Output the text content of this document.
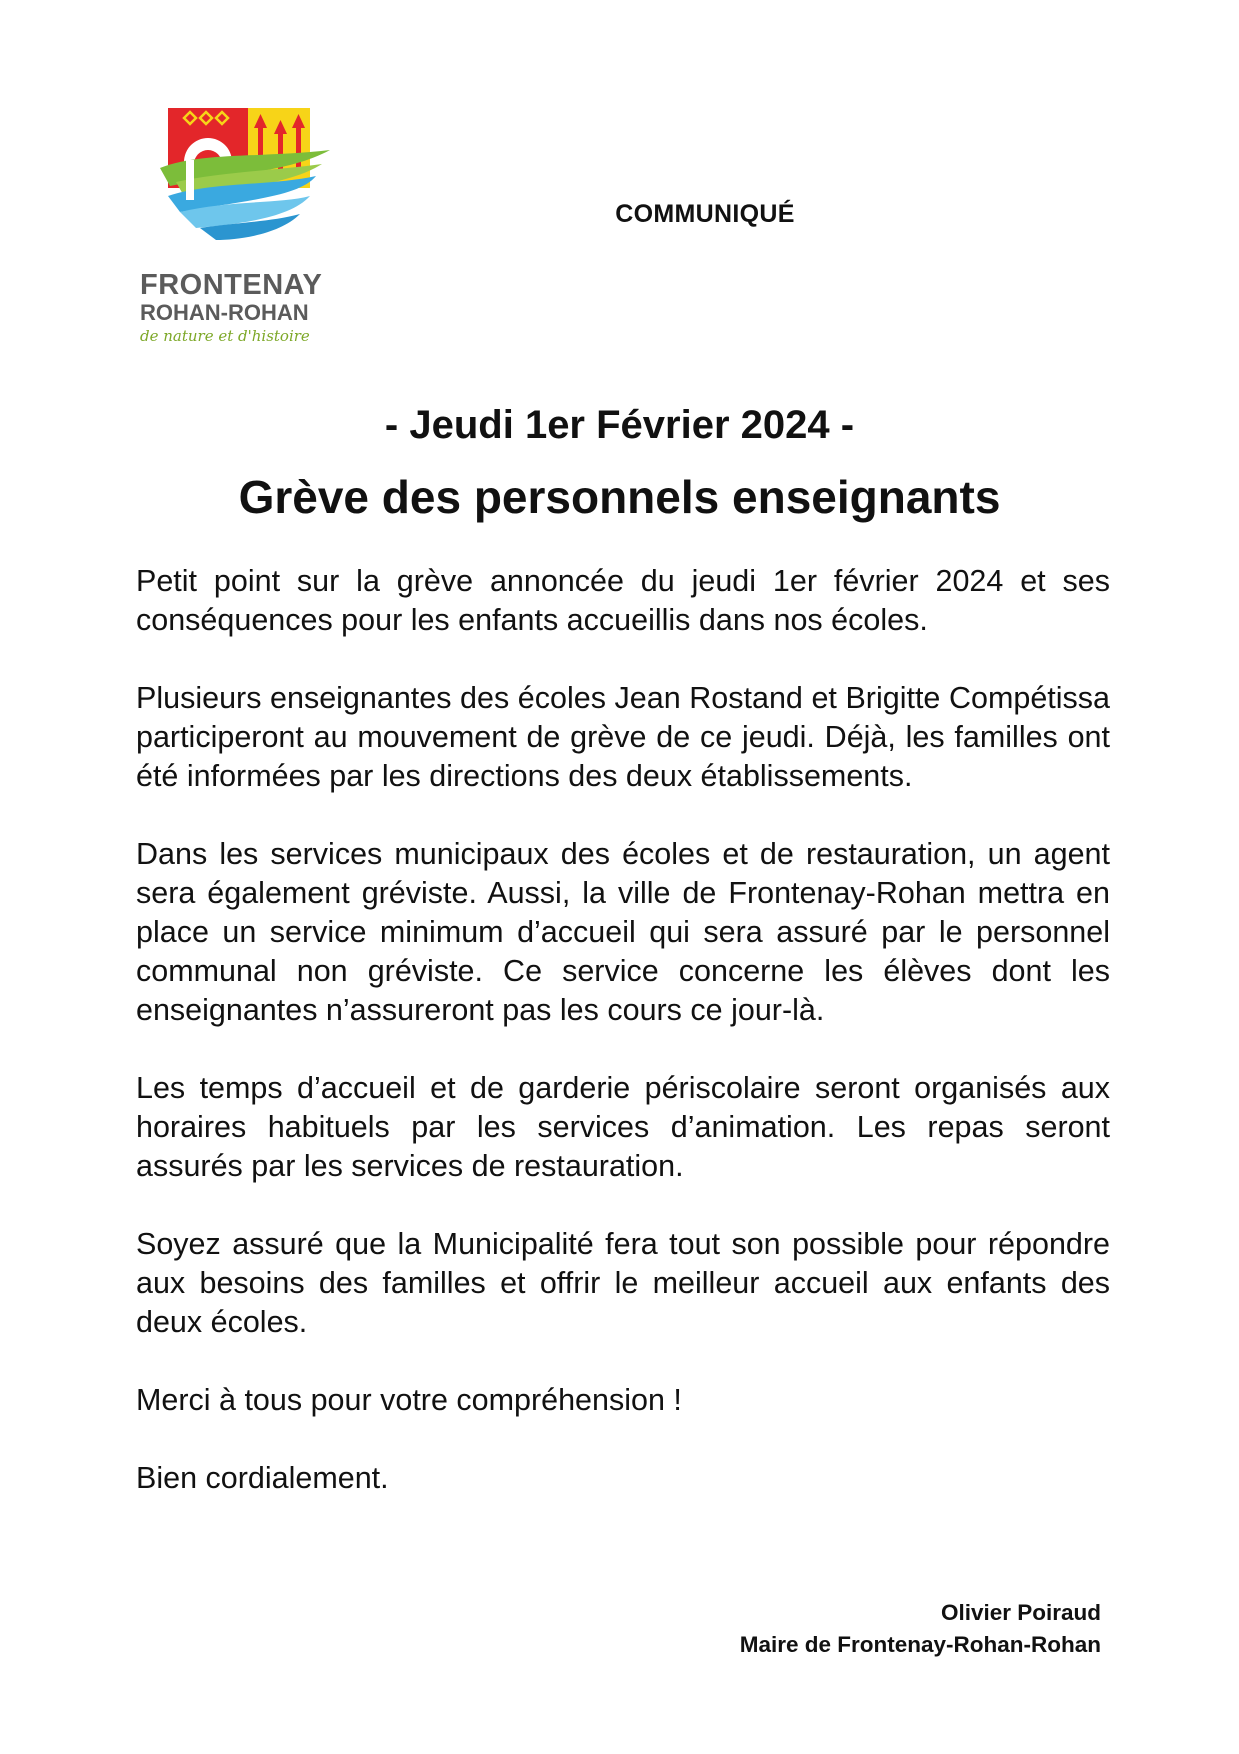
FRONTENAY
ROHAN-ROHAN
de nature et d'histoire
COMMUNIQUÉ
- Jeudi 1er Février 2024 -
Grève des personnels enseignants

Petit point sur la grève annoncée du jeudi 1er février 2024 et ses conséquences pour les enfants accueillis dans nos écoles.

Plusieurs enseignantes des écoles Jean Rostand et Brigitte Compétissa participeront au mouvement de grève de ce jeudi. Déjà, les familles ont été informées par les directions des deux établissements.

Dans les services municipaux des écoles et de restauration, un agent sera également gréviste. Aussi, la ville de Frontenay-Rohan mettra en place un service minimum d’accueil qui sera assuré par le personnel communal non gréviste. Ce service concerne les élèves dont les enseignantes n’assureront pas les cours ce jour-là.

Les temps d’accueil et de garderie périscolaire seront organisés aux horaires habituels par les services d’animation. Les repas seront assurés par les services de restauration.

Soyez assuré que la Municipalité fera tout son possible pour répondre aux besoins des familles et offrir le meilleur accueil aux enfants des deux écoles.

Merci à tous pour votre compréhension !

Bien cordialement.

Olivier Poiraud
Maire de Frontenay-Rohan-Rohan
